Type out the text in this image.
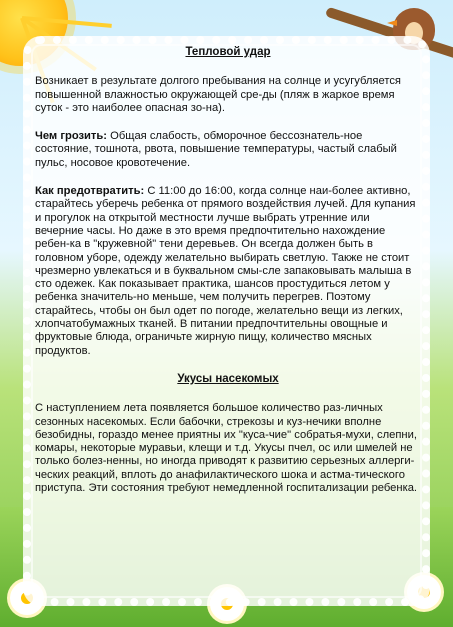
Тепловой удар
Возникает в результате долгого пребывания на солнце и усугубляется повышенной влажностью окружающей сре-ды (пляж в жаркое время суток - это наиболее опасная зо-на).
Чем грозить: Общая слабость, обморочное бессознатель-ное состояние, тошнота, рвота, повышение температуры, частый слабый пульс, носовое кровотечение.
Как предотвратить: С 11:00 до 16:00, когда солнце наи-более активно, старайтесь уберечь ребенка от прямого воздействия лучей. Для купания и прогулок на открытой местности лучше выбрать утренние или вечерние часы. Но даже в это время предпочтительно нахождение ребен-ка в "кружевной" тени деревьев. Он всегда должен быть в головном уборе, одежду желательно выбирать светлую. Также не стоит чрезмерно увлекаться и в буквальном смы-сле запаковывать малыша в сто одежек. Как показывает практика, шансов простудиться летом у ребенка значитель-но меньше, чем получить перегрев. Поэтому старайтесь, чтобы он был одет по погоде, желательно вещи из легких, хлопчатобумажных тканей. В питании предпочтительны овощные и фруктовые блюда, ограничьте жирную пищу, количество мясных продуктов.
Укусы насекомых
С наступлением лета появляется большое количество раз-личных сезонных насекомых. Если бабочки, стрекозы и куз-нечики вполне безобидны, гораздо менее приятны их "куса-чие" собратья-мухи, слепни, комары, некоторые муравьи, клещи и т.д. Укусы пчел, ос или шмелей не только болез-ненны, но иногда приводят к развитию серьезных аллерги-ческих реакций, вплоть до анафилактического шока и астма-тического приступа. Эти состояния требуют немедленной госпитализации ребенка.
